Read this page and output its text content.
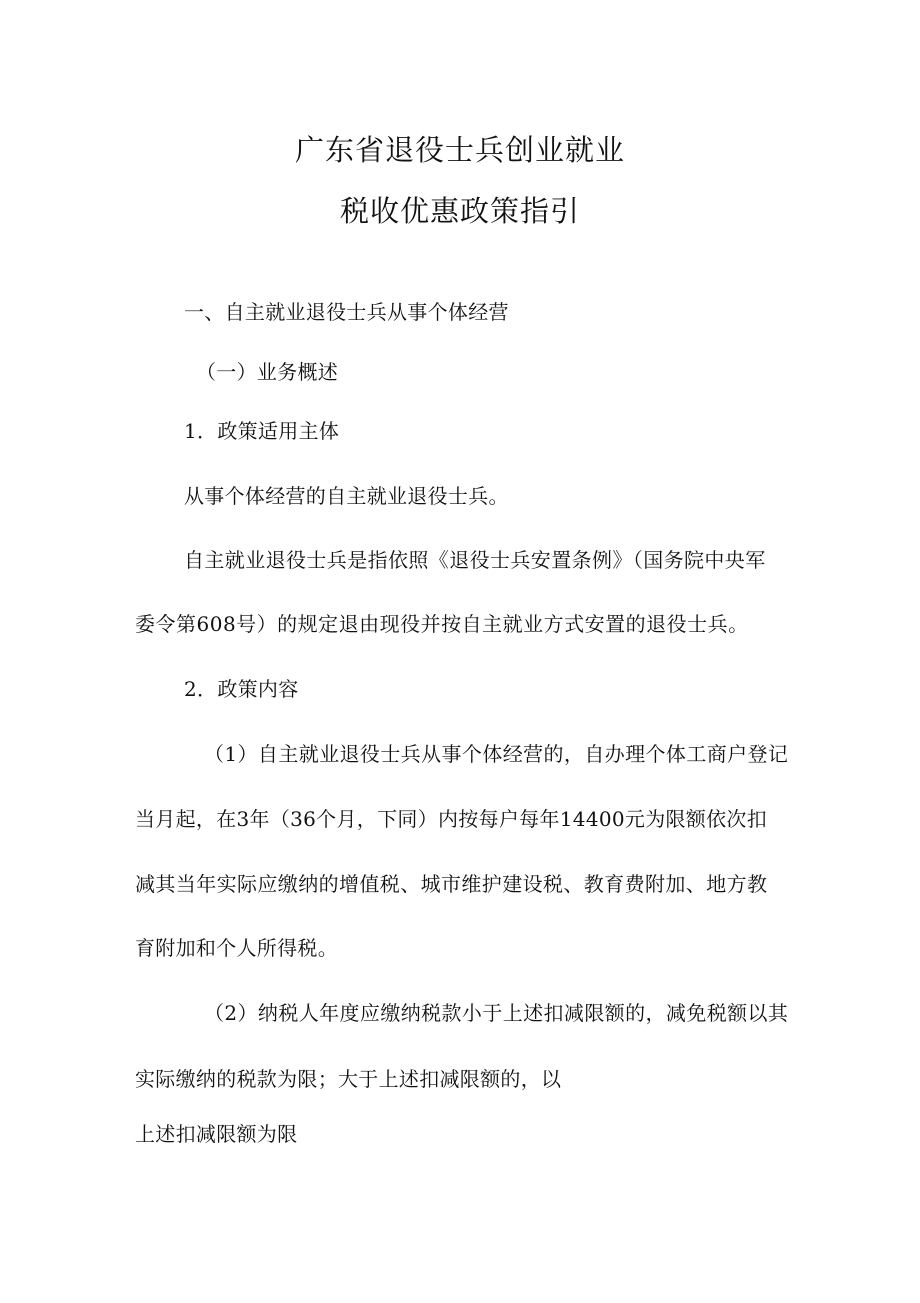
广东省退役士兵创业就业
税收优惠政策指引
一、自主就业退役士兵从事个体经营
（一）业务概述
1．政策适用主体
从事个体经营的自主就业退役士兵。
自主就业退役士兵是指依照《退役士兵安置条例》（国务院中央军
委令第608号）的规定退由现役并按自主就业方式安置的退役士兵。
2．政策内容
（1）自主就业退役士兵从事个体经营的，自办理个体工商户登记
当月起，在3年（36个月，下同）内按每户每年14400元为限额依次扣
减其当年实际应缴纳的增值税、城市维护建设税、教育费附加、地方教
育附加和个人所得税。
（2）纳税人年度应缴纳税款小于上述扣减限额的，减免税额以其
实际缴纳的税款为限；大于上述扣减限额的，以
上述扣减限额为限
